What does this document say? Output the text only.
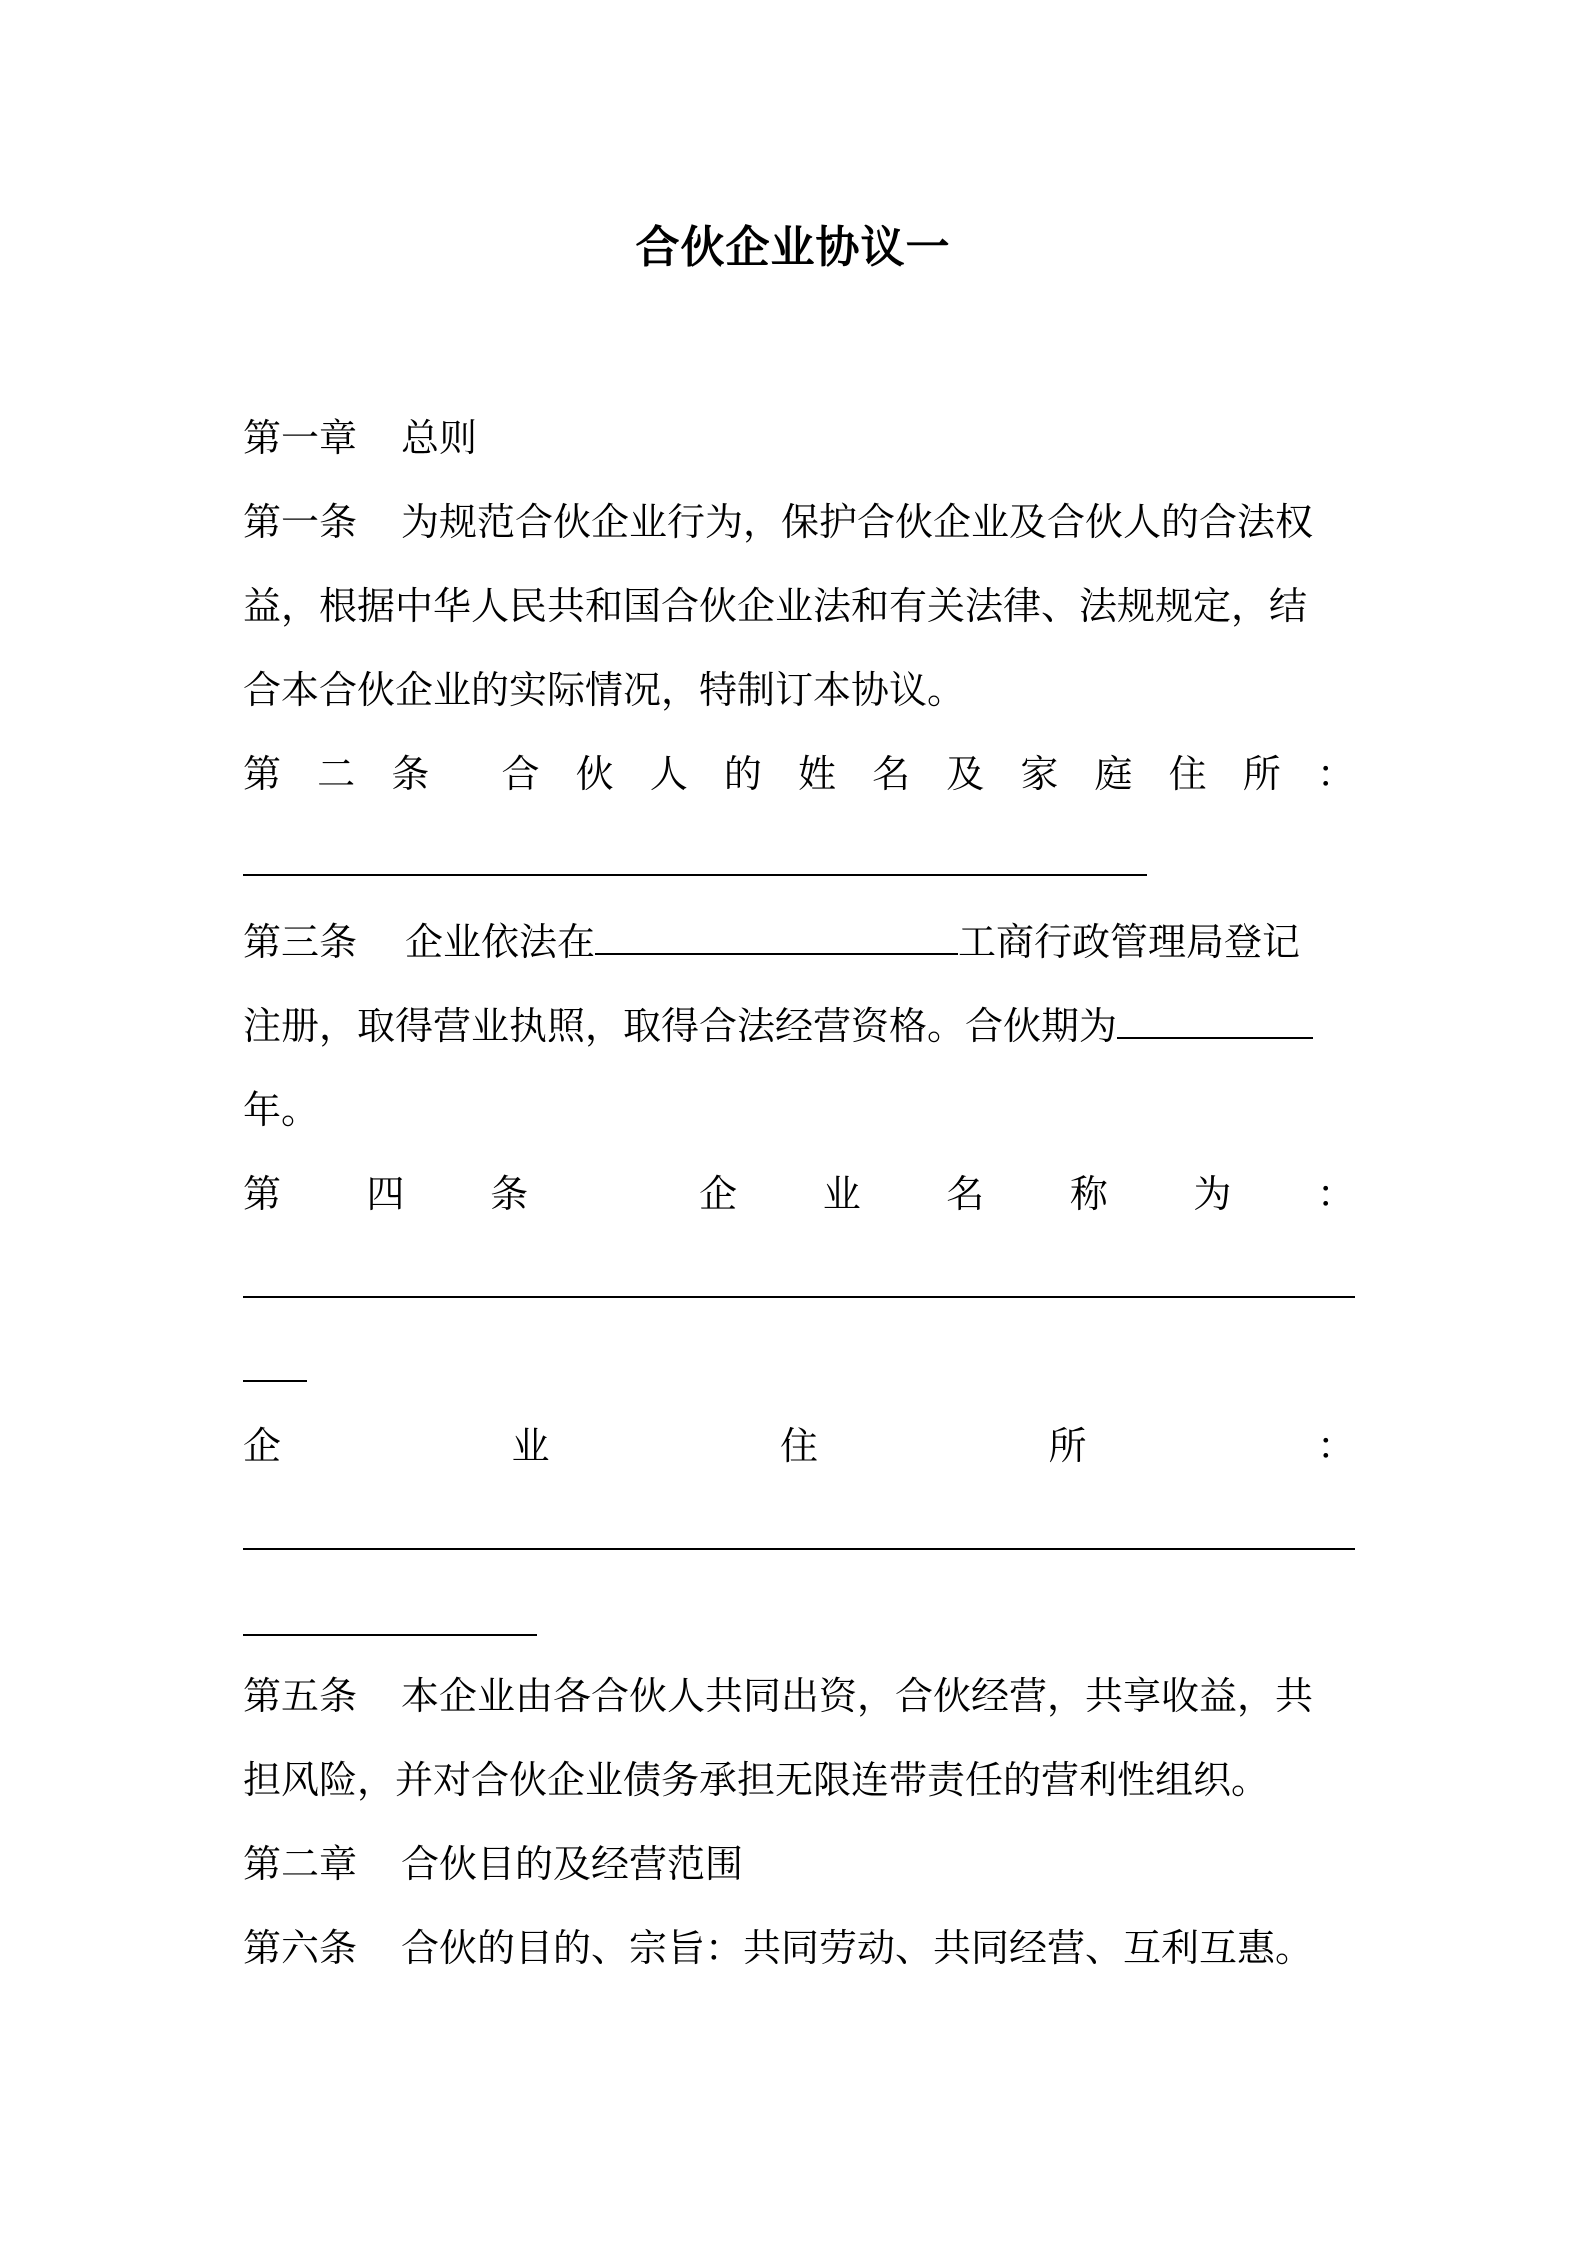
合伙企业协议一
第一章 总则
第一条 为规范合伙企业行为，保护合伙企业及合伙人的合法权
益，根据中华人民共和国合伙企业法和有关法律、法规规定，结
合本合伙企业的实际情况，特制订本协议。
第 二 条 合 伙 人 的 姓 名 及 家 庭 住 所 ：
第三条 企业依法在	工商行政管理局登记
注册，取得营业执照，取得合法经营资格。合伙期为
年。
第 四 条	企 业 名 称 为 ：
企	业	住	所	：
第五条 本企业由各合伙人共同出资，合伙经营，共享收益，共
担风险，并对合伙企业债务承担无限连带责任的营利性组织。
第二章 合伙目的及经营范围
第六条 合伙的目的、宗旨：共同劳动、共同经营、互利互惠。
